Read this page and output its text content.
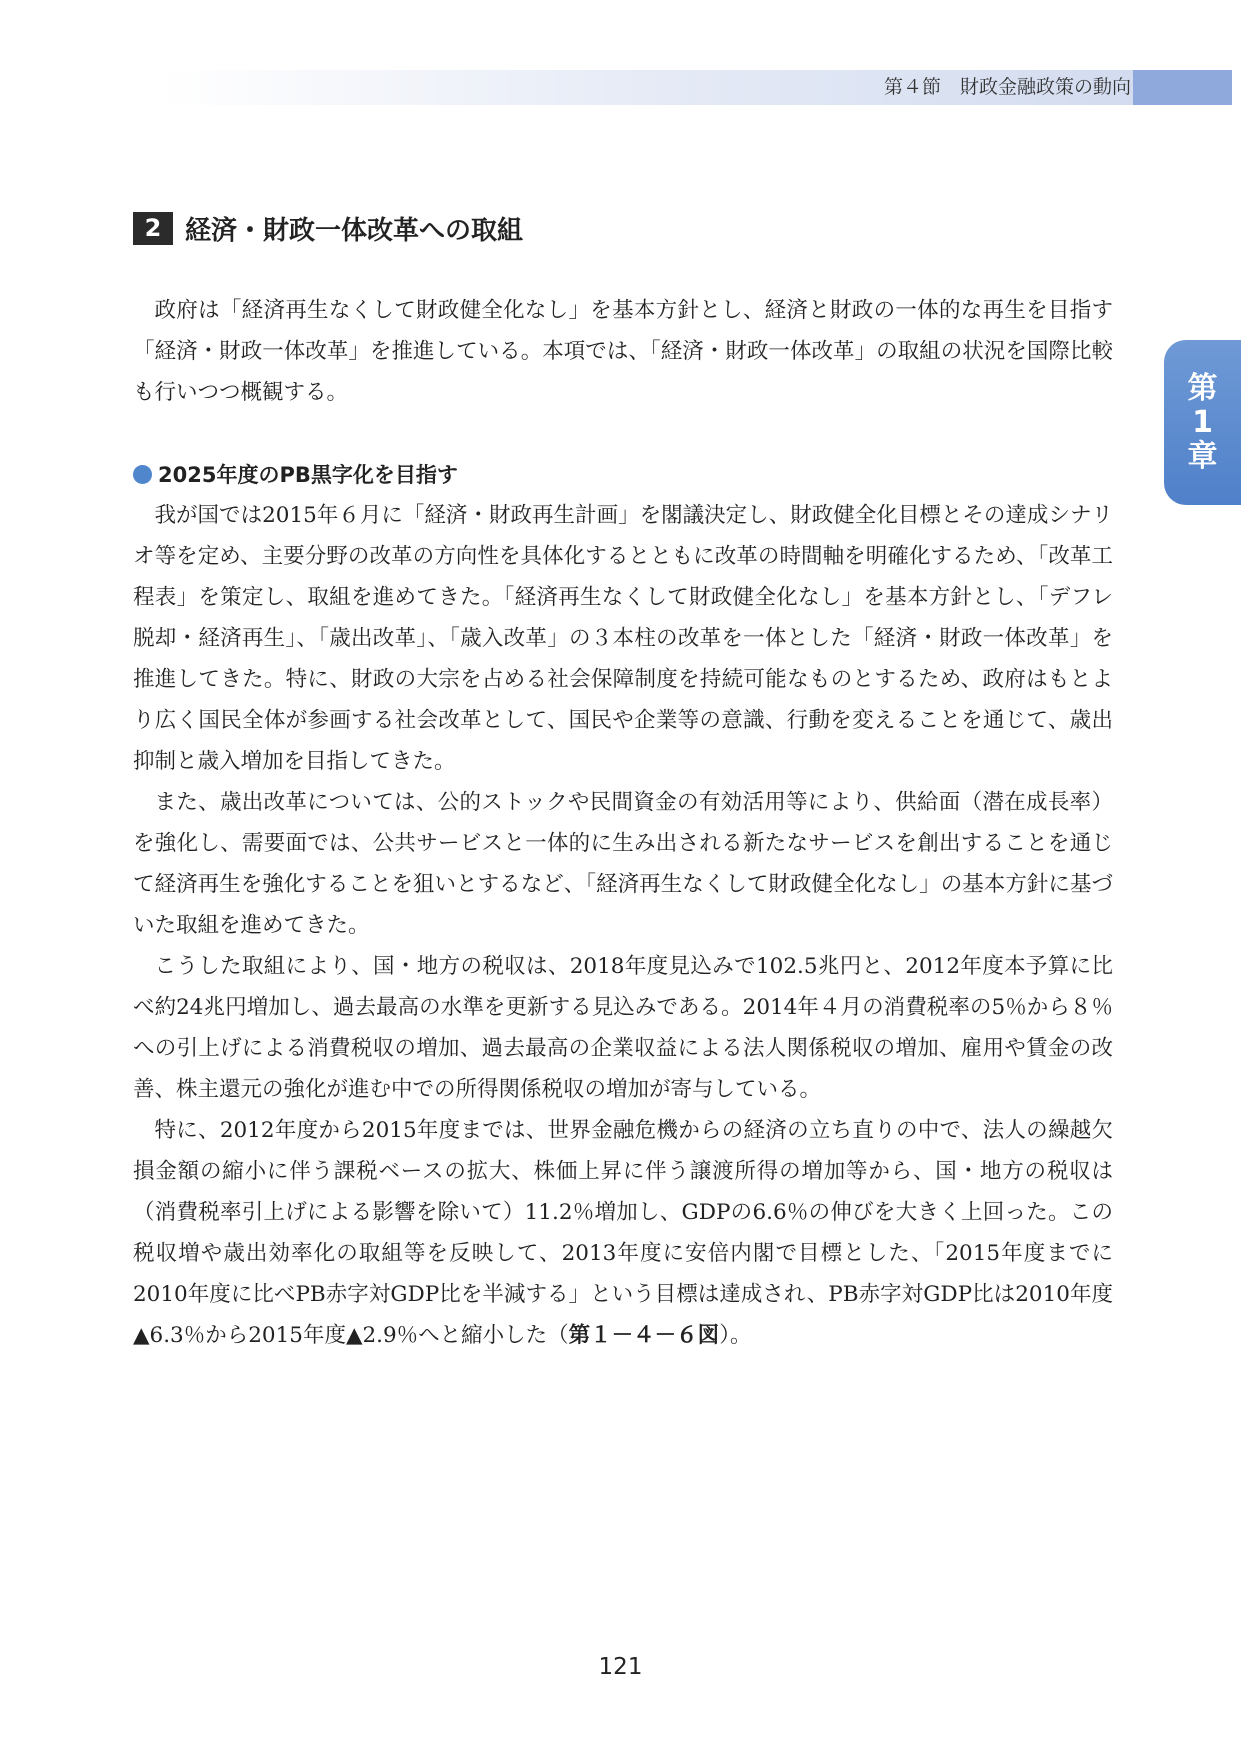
第４節　財政金融政策の動向
第
1
章
2 経済・財政一体改革への取組

政府は「経済再生なくして財政健全化なし」を基本方針とし、経済と財政の一体的な再生を目指す「経済・財政一体改革」を推進している。本項では、「経済・財政一体改革」の取組の状況を国際比較も行いつつ概観する。

2025年度のPB黒字化を目指す

我が国では2015年６月に「経済・財政再生計画」を閣議決定し、財政健全化目標とその達成シナリオ等を定め、主要分野の改革の方向性を具体化するとともに改革の時間軸を明確化するため、「改革工程表」を策定し、取組を進めてきた。「経済再生なくして財政健全化なし」を基本方針とし、「デフレ脱却・経済再生」、「歳出改革」、「歳入改革」の３本柱の改革を一体とした「経済・財政一体改革」を推進してきた。特に、財政の大宗を占める社会保障制度を持続可能なものとするため、政府はもとより広く国民全体が参画する社会改革として、国民や企業等の意識、行動を変えることを通じて、歳出抑制と歳入増加を目指してきた。

また、歳出改革については、公的ストックや民間資金の有効活用等により、供給面（潜在成長率）を強化し、需要面では、公共サービスと一体的に生み出される新たなサービスを創出することを通じて経済再生を強化することを狙いとするなど、「経済再生なくして財政健全化なし」の基本方針に基づいた取組を進めてきた。

こうした取組により、国・地方の税収は、2018年度見込みで102.5兆円と、2012年度本予算に比べ約24兆円増加し、過去最高の水準を更新する見込みである。2014年４月の消費税率の5％から８％への引上げによる消費税収の増加、過去最高の企業収益による法人関係税収の増加、雇用や賃金の改善、株主還元の強化が進む中での所得関係税収の増加が寄与している。

特に、2012年度から2015年度までは、世界金融危機からの経済の立ち直りの中で、法人の繰越欠損金額の縮小に伴う課税ベースの拡大、株価上昇に伴う譲渡所得の増加等から、国・地方の税収は（消費税率引上げによる影響を除いて）11.2％増加し、GDPの6.6％の伸びを大きく上回った。この税収増や歳出効率化の取組等を反映して、2013年度に安倍内閣で目標とした、「2015年度までに2010年度に比べPB赤字対GDP比を半減する」という目標は達成され、PB赤字対GDP比は2010年度▲6.3％から2015年度▲2.9％へと縮小した（第１－４－６図）。

121
